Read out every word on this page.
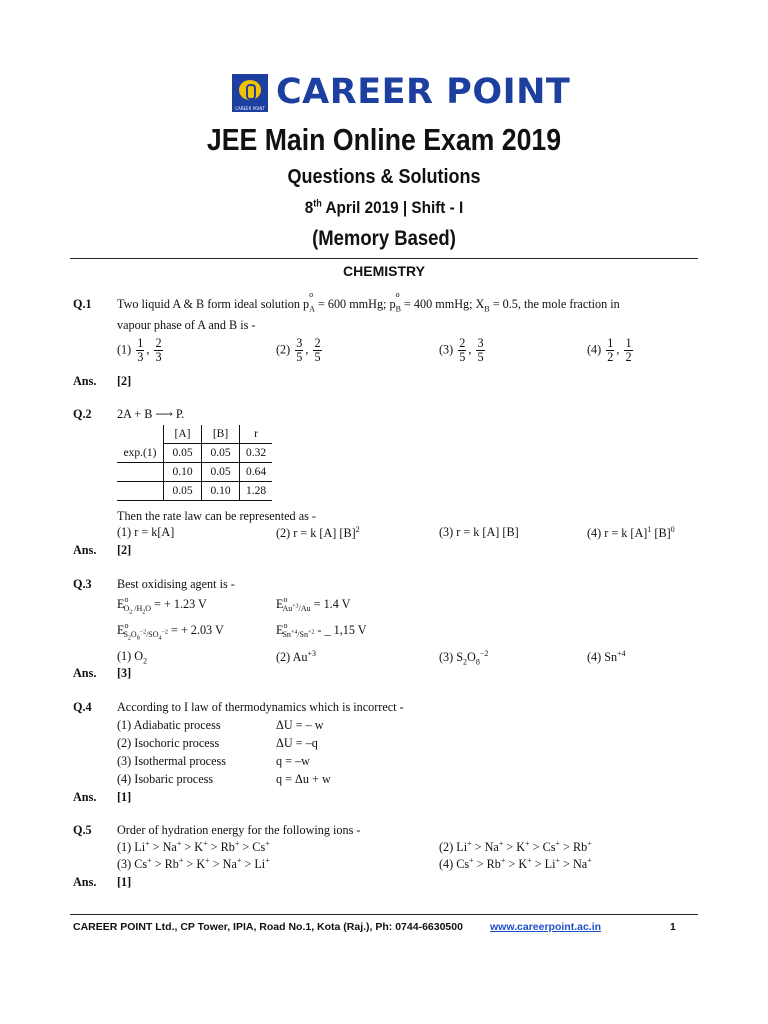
CAREER POINT CAREER POINT
JEE Main Online Exam 2019
Questions & Solutions
8th April 2019 | Shift - I
(Memory Based)
CHEMISTRY
Q.1 Two liquid A & B form ideal solution p
o
$_A$ = 600 mmHg; p
o
$_B$ = 400 mmHg; $X_B = 0.5$, the mole fraction in
vapour phase of A and B is -
$(1) \frac{1}{3}$ , $\frac{2}{3}$	$(2) \frac{3}{5}$ , $\frac{2}{5}$	$(3) \frac{2}{5}$ , $\frac{3}{5}$	$(4) \frac{1}{2}$ , $\frac{1}{2}$
Ans. [2]
Q.2 2A + B ⟶ P.
	[A]	[B]	r
exp.(1)	0.05	0.05	0.32
	0.10	0.05	0.64
	0.05	0.10	1.28
Then the rate law can be represented as -
(1) r = k[A]	(2) r = k [A] $[B]^2$	(3) r = k [A] [B]	(4) r = k $[A]^1$ $[B]^0$
Ans. [2]
Q.3 Best oxidising agent is -
$E^o_{O_2 /H_2O}$ = + 1.23 V	$E^o_{Au^{+3}/Au} = 1.4$ V
$E^o_{S_2O_8^{-2}/SO_4^{-2}}$ = + 2.03 V	$E^o_{Sn^{+4}/Sn^{+2}}$ - _ 1,15 V
(1) $O_2$	(2) $Au^{+3}$	(3) $S_2O_8^{-2}$	(4) $Sn^{+4}$
Ans. [3]
Q.4 According to I law of thermodynamics which is incorrect -
(1) Adiabatic process	ΔU = – w
(2) Isochoric process	ΔU = –q
(3) Isothermal process	q = –w
(4) Isobaric process	q = Δu + w
Ans. [1]
Q.5 Order of hydration energy for the following ions -
(1) Li+ > Na+ > K+ > Rb+ > Cs+	(2) Li+ > Na+ > K+ > Cs+ > Rb+
(3) Cs+ > Rb+ > K+ > Na+ > Li+	(4) Cs+ > Rb+ > K+ > Li+ > Na+
Ans. [1]
CAREER POINT Ltd., CP Tower, IPIA, Road No.1, Kota (Raj.), Ph: 0744-6630500	www.careerpoint.ac.in	1
